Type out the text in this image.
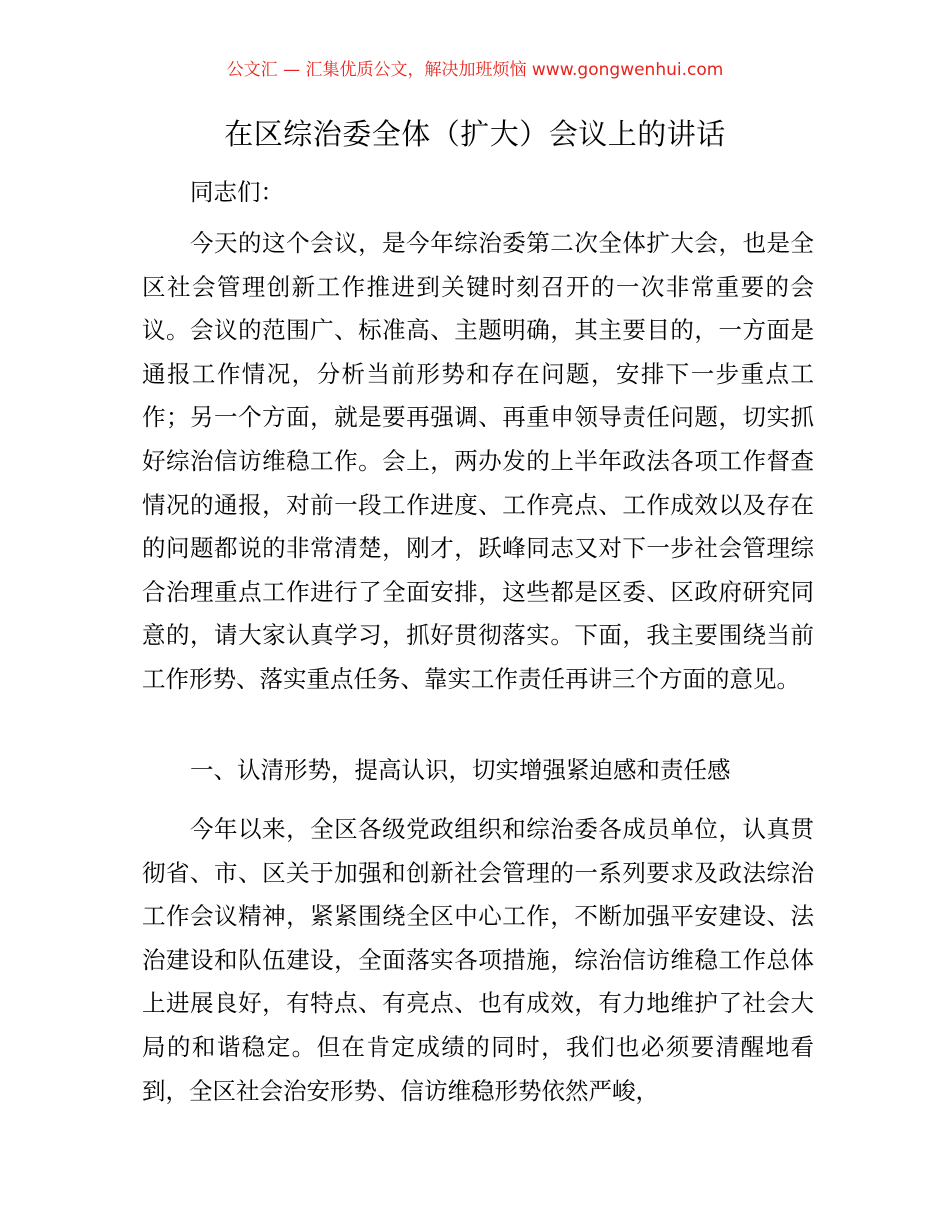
公文汇 — 汇集优质公文，解决加班烦恼 www.gongwenhui.com
在区综治委全体（扩大）会议上的讲话
同志们：
今天的这个会议，是今年综治委第二次全体扩大会，也是全区社会管理创新工作推进到关键时刻召开的一次非常重要的会议。会议的范围广、标准高、主题明确，其主要目的，一方面是通报工作情况，分析当前形势和存在问题，安排下一步重点工作；另一个方面，就是要再强调、再重申领导责任问题，切实抓好综治信访维稳工作。会上，两办发的上半年政法各项工作督查情况的通报，对前一段工作进度、工作亮点、工作成效以及存在的问题都说的非常清楚，刚才，跃峰同志又对下一步社会管理综合治理重点工作进行了全面安排，这些都是区委、区政府研究同意的，请大家认真学习，抓好贯彻落实。下面，我主要围绕当前工作形势、落实重点任务、靠实工作责任再讲三个方面的意见。
一、认清形势，提高认识，切实增强紧迫感和责任感
今年以来，全区各级党政组织和综治委各成员单位，认真贯彻省、市、区关于加强和创新社会管理的一系列要求及政法综治工作会议精神，紧紧围绕全区中心工作，不断加强平安建设、法治建设和队伍建设，全面落实各项措施，综治信访维稳工作总体上进展良好，有特点、有亮点、也有成效，有力地维护了社会大局的和谐稳定。但在肯定成绩的同时，我们也必须要清醒地看到，全区社会治安形势、信访维稳形势依然严峻，
